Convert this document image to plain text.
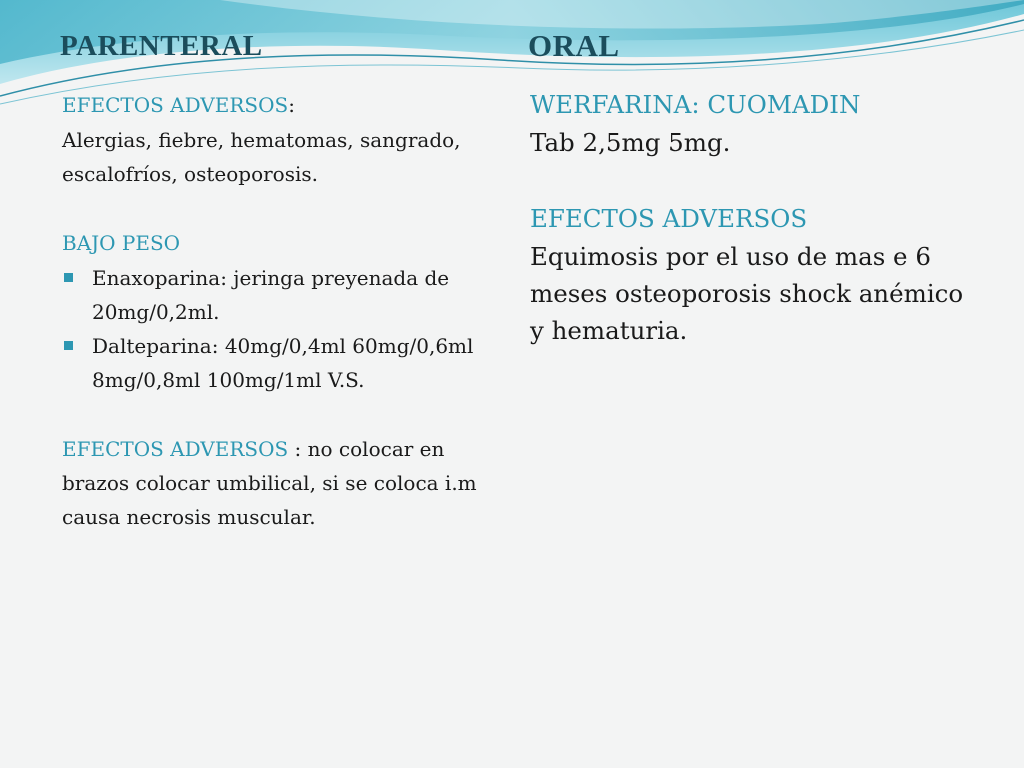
PARENTERAL	ORAL

EFECTOS ADVERSOS:

Alergias, fiebre, hematomas, sangrado, escalofríos, osteoporosis.

BAJO PESO

Enaxoparina: jeringa preyenada de 20mg/0,2ml.
Dalteparina: 40mg/0,4ml 60mg/0,6ml 8mg/0,8ml 100mg/1ml V.S.

EFECTOS ADVERSOS : no colocar en brazos colocar umbilical, si se coloca i.m causa necrosis muscular.

WERFARINA: CUOMADIN

Tab 2,5mg 5mg.

EFECTOS ADVERSOS

Equimosis por el uso de mas e 6 meses osteoporosis shock anémico y hematuria.
